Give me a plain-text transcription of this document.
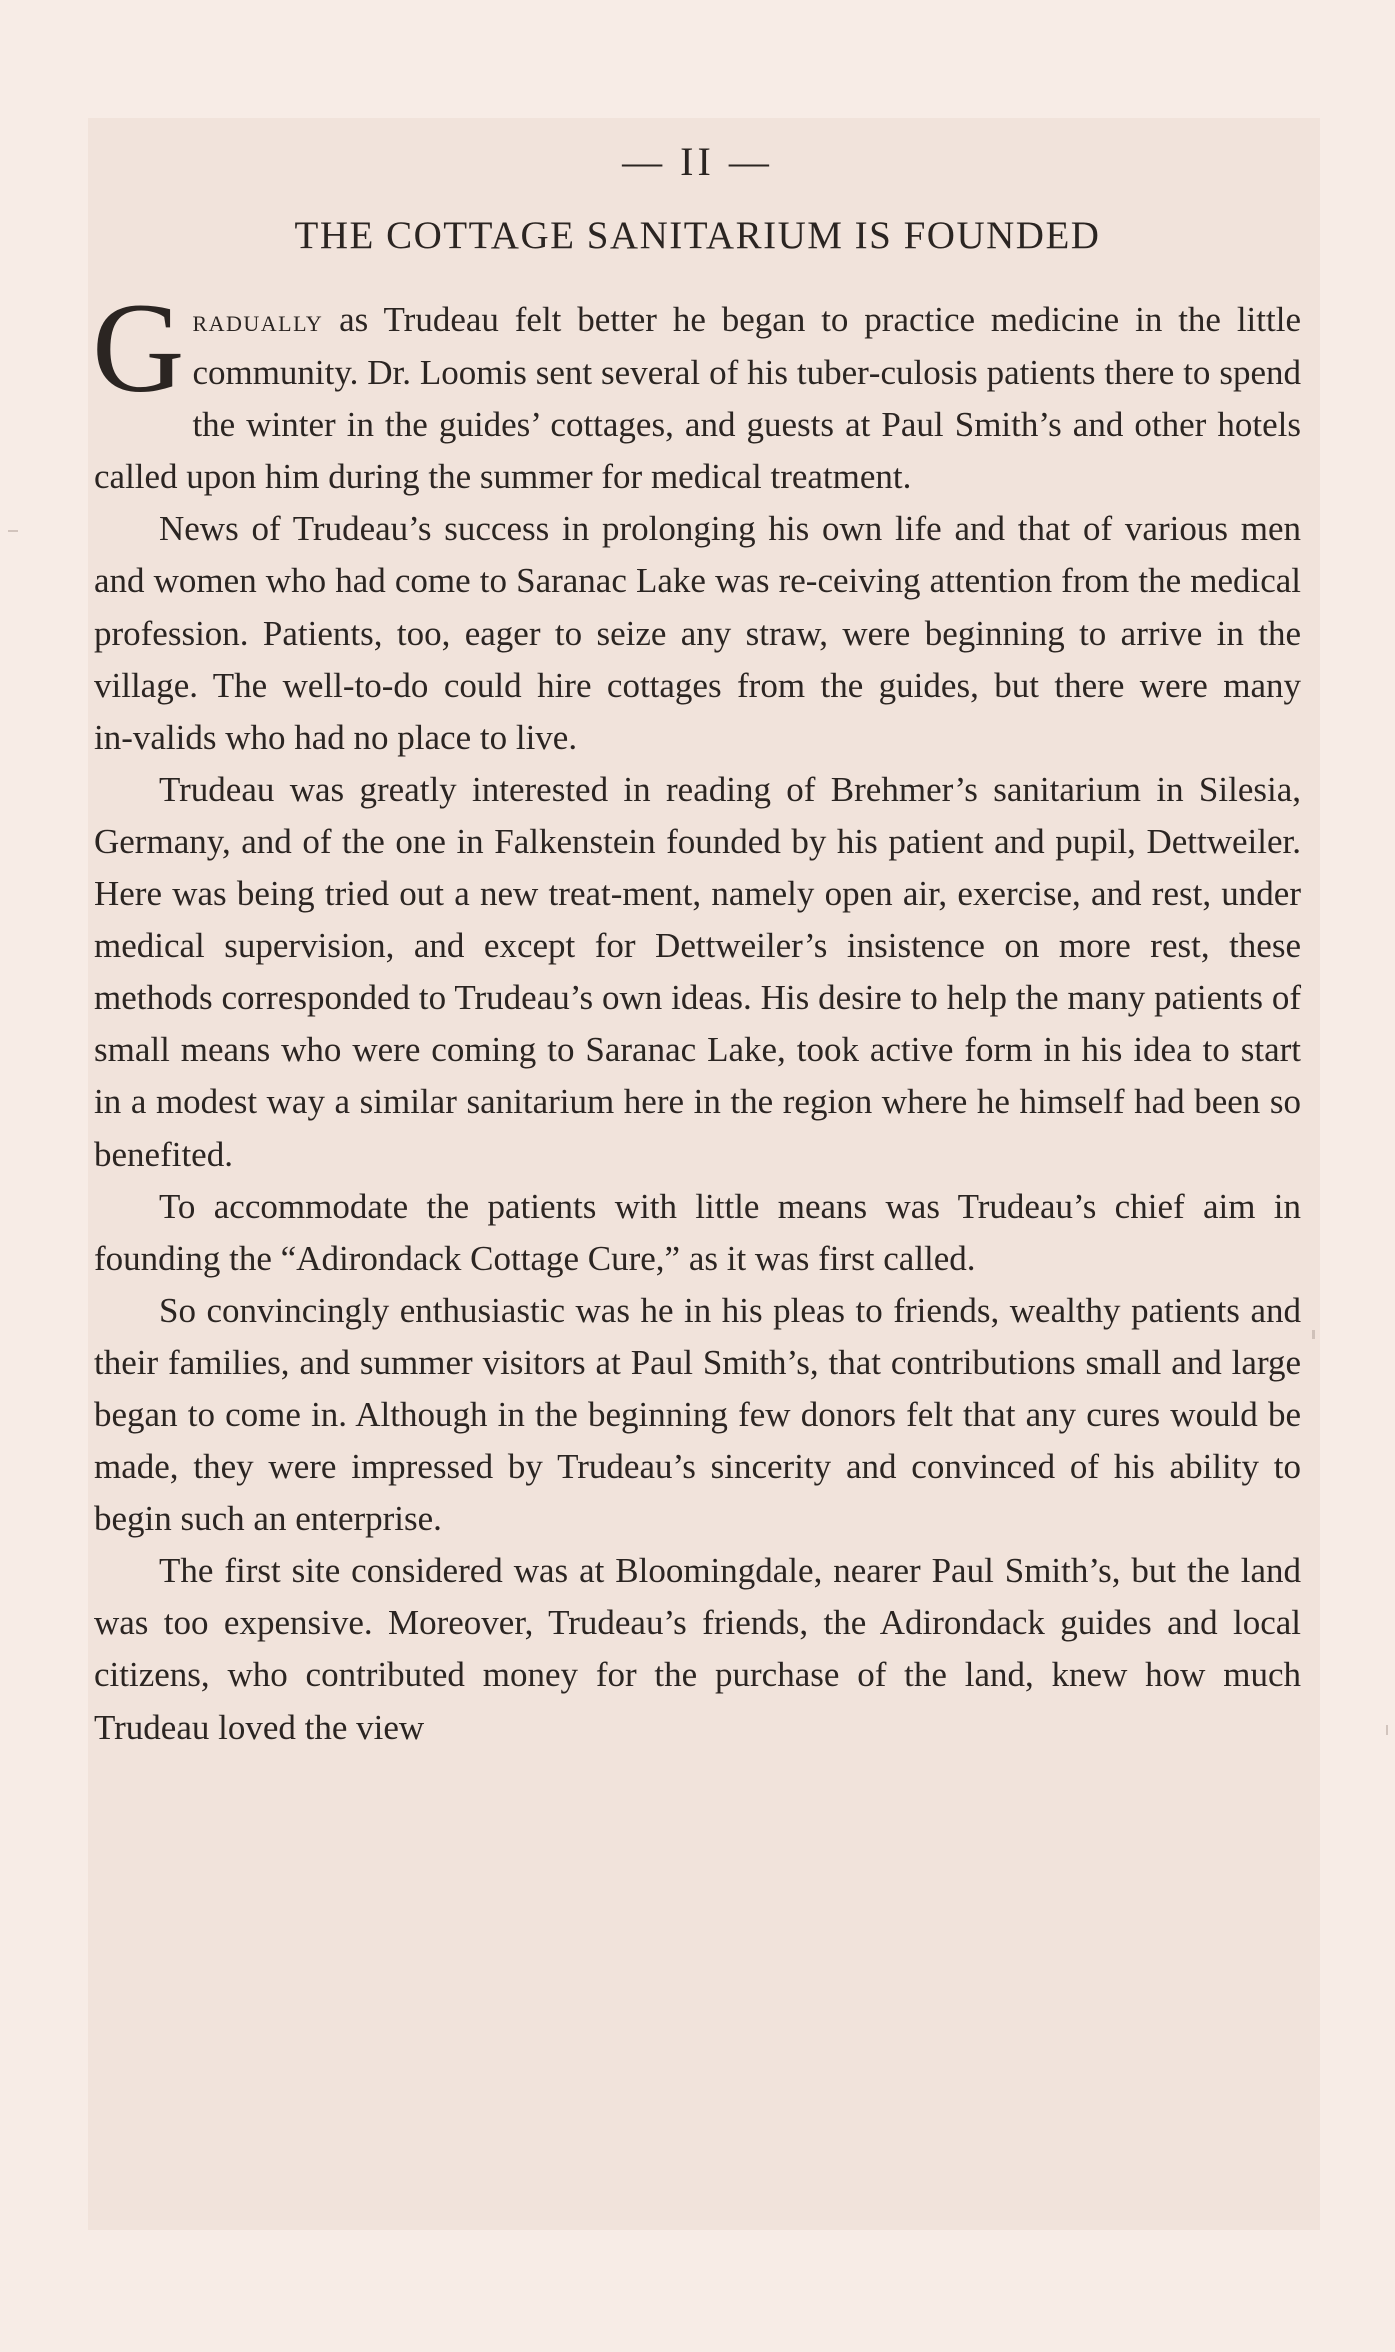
— II —
THE COTTAGE SANITARIUM IS FOUNDED

Gradually as Trudeau felt better he began to practice medicine in the little community. Dr. Loomis sent several of his tuber‑culosis patients there to spend the winter in the guides’ cottages, and guests at Paul Smith’s and other hotels called upon him during the summer for medical treatment.

News of Trudeau’s success in prolonging his own life and that of various men and women who had come to Saranac Lake was re‑ceiving attention from the medical profession. Patients, too, eager to seize any straw, were beginning to arrive in the village. The well‑to‑do could hire cottages from the guides, but there were many in‑valids who had no place to live.

Trudeau was greatly interested in reading of Brehmer’s sanitarium in Silesia, Germany, and of the one in Falkenstein founded by his patient and pupil, Dettweiler. Here was being tried out a new treat‑ment, namely open air, exercise, and rest, under medical supervision, and except for Dettweiler’s insistence on more rest, these methods corresponded to Trudeau’s own ideas. His desire to help the many patients of small means who were coming to Saranac Lake, took active form in his idea to start in a modest way a similar sanitarium here in the region where he himself had been so benefited.

To accommodate the patients with little means was Trudeau’s chief aim in founding the “Adirondack Cottage Cure,” as it was first called.

So convincingly enthusiastic was he in his pleas to friends, wealthy patients and their families, and summer visitors at Paul Smith’s, that contributions small and large began to come in. Although in the beginning few donors felt that any cures would be made, they were impressed by Trudeau’s sincerity and convinced of his ability to begin such an enterprise.

The first site considered was at Bloomingdale, nearer Paul Smith’s, but the land was too expensive. Moreover, Trudeau’s friends, the Adirondack guides and local citizens, who contributed money for the purchase of the land, knew how much Trudeau loved the view
